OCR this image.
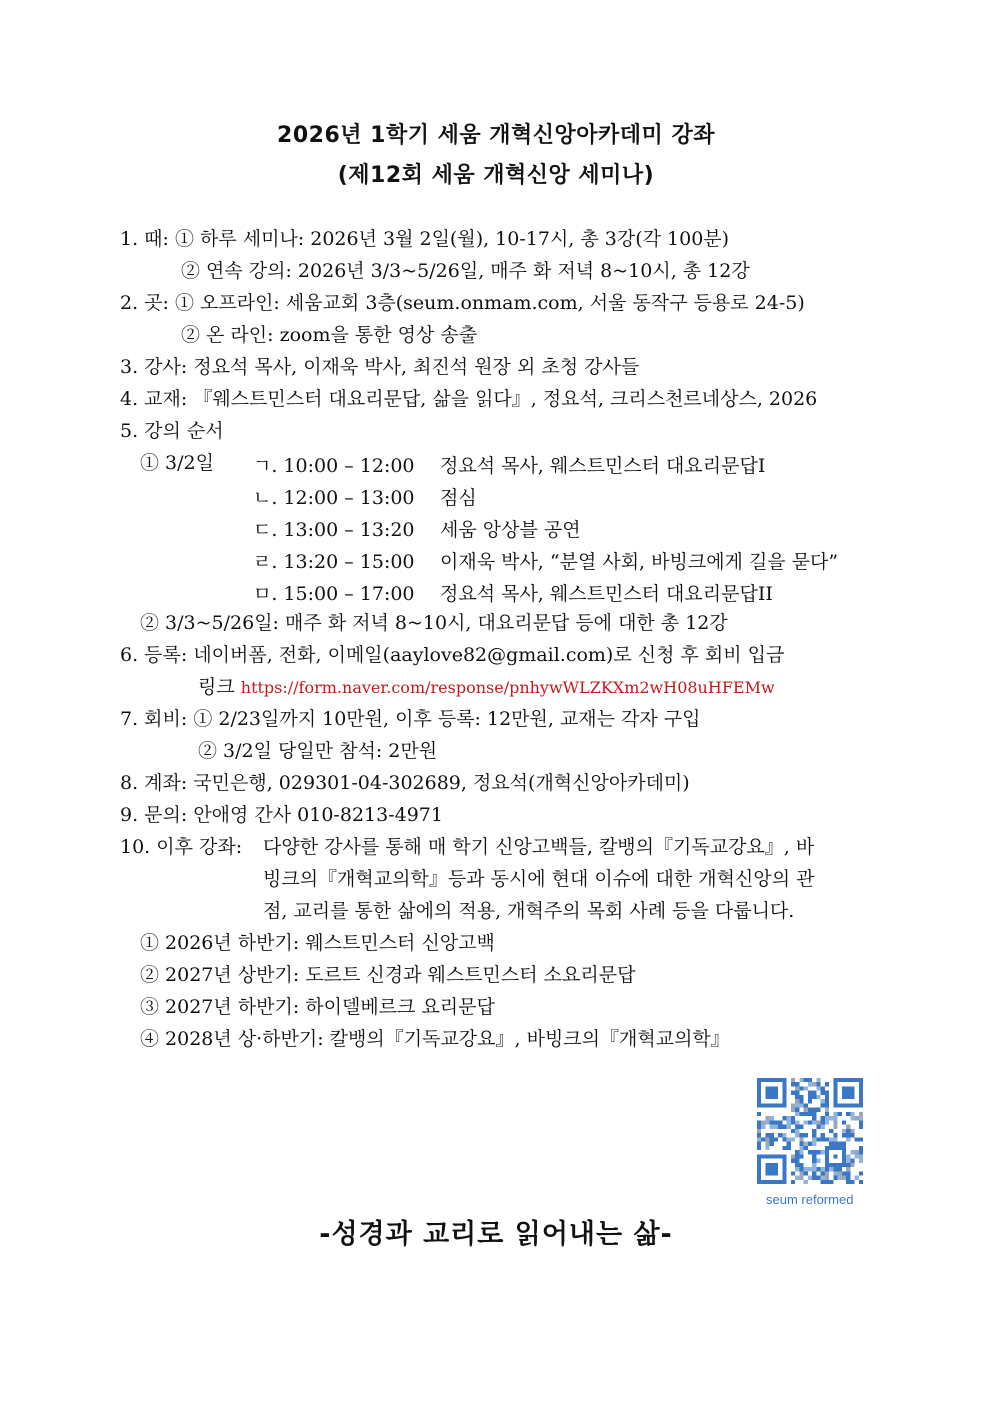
2026년 1학기 세움 개혁신앙아카데미 강좌
(제12회 세움 개혁신앙 세미나)
1. 때: ① 하루 세미나: 2026년 3월 2일(월), 10-17시, 총 3강(각 100분)
② 연속 강의: 2026년 3/3~5/26일, 매주 화 저녁 8~10시, 총 12강
2. 곳: ① 오프라인: 세움교회 3층(seum.onmam.com, 서울 동작구 등용로 24-5)
② 온 라인: zoom을 통한 영상 송출
3. 강사: 정요석 목사, 이재욱 박사, 최진석 원장 외 초청 강사들
4. 교재: 『웨스트민스터 대요리문답, 삶을 읽다』, 정요석, 크리스천르네상스, 2026
5. 강의 순서
① 3/2일 ㄱ. 10:00 – 12:00 정요석 목사, 웨스트민스터 대요리문답I
ㄴ. 12:00 – 13:00 점심
ㄷ. 13:00 – 13:20 세움 앙상블 공연
ㄹ. 13:20 – 15:00 이재욱 박사, “분열 사회, 바빙크에게 길을 묻다”
ㅁ. 15:00 – 17:00 정요석 목사, 웨스트민스터 대요리문답II
② 3/3~5/26일: 매주 화 저녁 8~10시, 대요리문답 등에 대한 총 12강
6. 등록: 네이버폼, 전화, 이메일(aaylove82@gmail.com)로 신청 후 회비 입금
링크 https://form.naver.com/response/pnhywWLZKXm2wH08uHFEMw
7. 회비: ① 2/23일까지 10만원, 이후 등록: 12만원, 교재는 각자 구입
② 3/2일 당일만 참석: 2만원
8. 계좌: 국민은행, 029301-04-302689, 정요석(개혁신앙아카데미)
9. 문의: 안애영 간사 010-8213-4971
10. 이후 강좌: 다양한 강사를 통해 매 학기 신앙고백들, 칼뱅의『기독교강요』, 바
빙크의『개혁교의학』등과 동시에 현대 이슈에 대한 개혁신앙의 관
점, 교리를 통한 삶에의 적용, 개혁주의 목회 사례 등을 다룹니다.
① 2026년 하반기: 웨스트민스터 신앙고백
② 2027년 상반기: 도르트 신경과 웨스트민스터 소요리문답
③ 2027년 하반기: 하이델베르크 요리문답
④ 2028년 상·하반기: 칼뱅의『기독교강요』, 바빙크의『개혁교의학』
seum reformed
-성경과 교리로 읽어내는 삶-
